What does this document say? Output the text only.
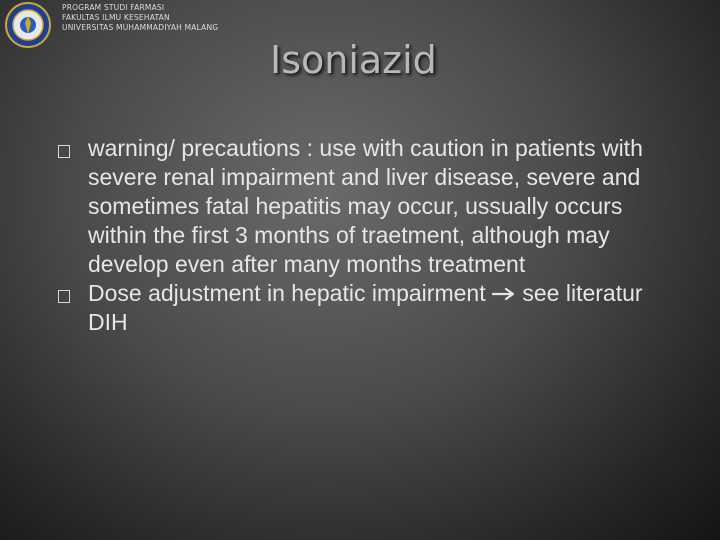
PROGRAM STUDI FARMASI
FAKULTAS ILMU KESEHATAN
UNIVERSITAS MUHAMMADIYAH MALANG
Isoniazid
warning/ precautions : use with caution in patients with severe renal impairment and liver disease, severe and sometimes fatal hepatitis may occur, ussually occurs within the first 3 months of traetment, although may develop even after many months treatment
Dose adjustment in hepatic impairment  see literatur DIH
